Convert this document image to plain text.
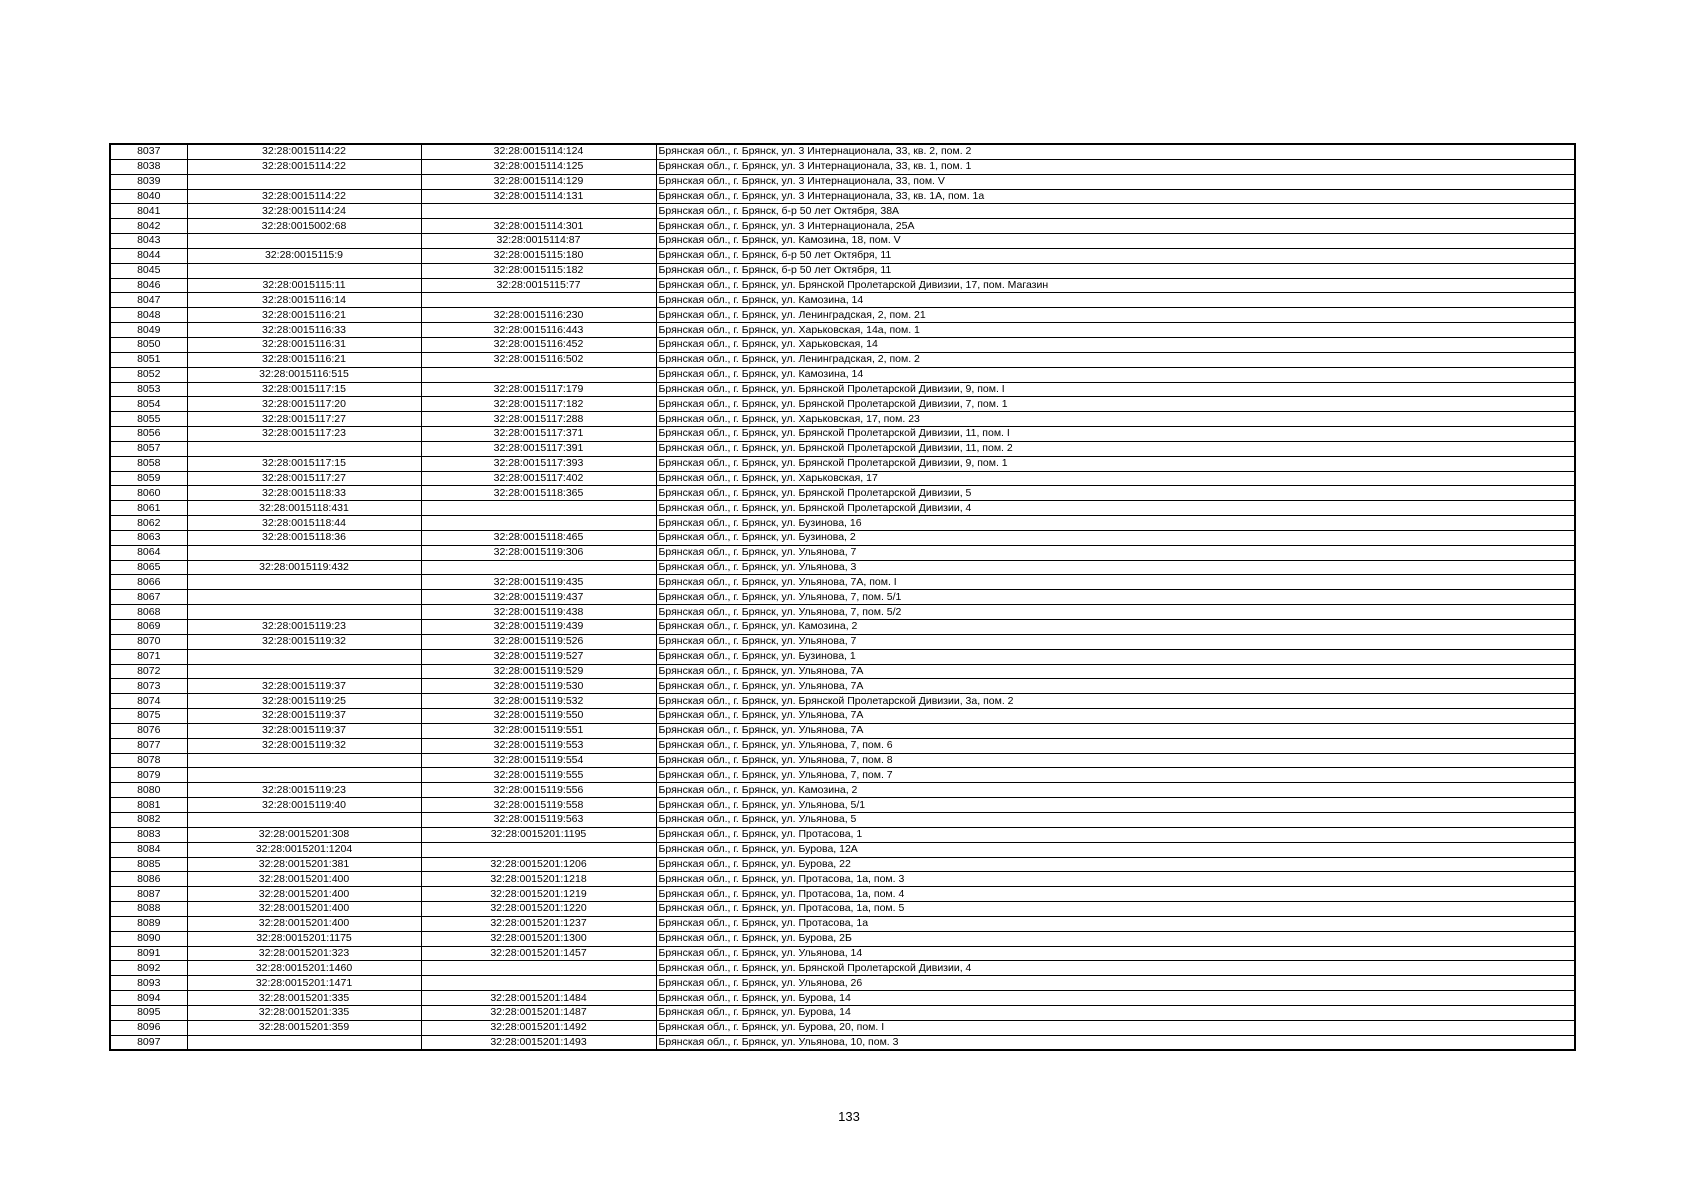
8037	32:28:0015114:22	32:28:0015114:124	Брянская обл., г. Брянск, ул. 3 Интернационала, 33, кв. 2, пом. 2
8038	32:28:0015114:22	32:28:0015114:125	Брянская обл., г. Брянск, ул. 3 Интернационала, 33, кв. 1, пом. 1
8039		32:28:0015114:129	Брянская обл., г. Брянск, ул. 3 Интернационала, 33, пом. V
8040	32:28:0015114:22	32:28:0015114:131	Брянская обл., г. Брянск, ул. 3 Интернационала, 33, кв. 1А, пом. 1а
8041	32:28:0015114:24		Брянская обл., г. Брянск, б-р 50 лет Октября, 38А
8042	32:28:0015002:68	32:28:0015114:301	Брянская обл., г. Брянск, ул. 3 Интернационала, 25А
8043		32:28:0015114:87	Брянская обл., г. Брянск, ул. Камозина, 18, пом. V
8044	32:28:0015115:9	32:28:0015115:180	Брянская обл., г. Брянск, б-р 50 лет Октября, 11
8045		32:28:0015115:182	Брянская обл., г. Брянск, б-р 50 лет Октября, 11
8046	32:28:0015115:11	32:28:0015115:77	Брянская обл., г. Брянск, ул. Брянской Пролетарской Дивизии, 17, пом. Магазин
8047	32:28:0015116:14		Брянская обл., г. Брянск, ул. Камозина, 14
8048	32:28:0015116:21	32:28:0015116:230	Брянская обл., г. Брянск, ул. Ленинградская, 2, пом. 21
8049	32:28:0015116:33	32:28:0015116:443	Брянская обл., г. Брянск, ул. Харьковская, 14а, пом. 1
8050	32:28:0015116:31	32:28:0015116:452	Брянская обл., г. Брянск, ул. Харьковская, 14
8051	32:28:0015116:21	32:28:0015116:502	Брянская обл., г. Брянск, ул. Ленинградская, 2, пом. 2
8052	32:28:0015116:515		Брянская обл., г. Брянск, ул. Камозина, 14
8053	32:28:0015117:15	32:28:0015117:179	Брянская обл., г. Брянск, ул. Брянской Пролетарской Дивизии, 9, пом. I
8054	32:28:0015117:20	32:28:0015117:182	Брянская обл., г. Брянск, ул. Брянской Пролетарской Дивизии, 7, пом. 1
8055	32:28:0015117:27	32:28:0015117:288	Брянская обл., г. Брянск, ул. Харьковская, 17, пом. 23
8056	32:28:0015117:23	32:28:0015117:371	Брянская обл., г. Брянск, ул. Брянской Пролетарской Дивизии, 11, пом. I
8057		32:28:0015117:391	Брянская обл., г. Брянск, ул. Брянской Пролетарской Дивизии, 11, пом. 2
8058	32:28:0015117:15	32:28:0015117:393	Брянская обл., г. Брянск, ул. Брянской Пролетарской Дивизии, 9, пом. 1
8059	32:28:0015117:27	32:28:0015117:402	Брянская обл., г. Брянск, ул. Харьковская, 17
8060	32:28:0015118:33	32:28:0015118:365	Брянская обл., г. Брянск, ул. Брянской Пролетарской Дивизии, 5
8061	32:28:0015118:431		Брянская обл., г. Брянск, ул. Брянской Пролетарской Дивизии, 4
8062	32:28:0015118:44		Брянская обл., г. Брянск, ул. Бузинова, 16
8063	32:28:0015118:36	32:28:0015118:465	Брянская обл., г. Брянск, ул. Бузинова, 2
8064		32:28:0015119:306	Брянская обл., г. Брянск, ул. Ульянова, 7
8065	32:28:0015119:432		Брянская обл., г. Брянск, ул. Ульянова, 3
8066		32:28:0015119:435	Брянская обл., г. Брянск, ул. Ульянова, 7А, пом. I
8067		32:28:0015119:437	Брянская обл., г. Брянск, ул. Ульянова, 7, пом. 5/1
8068		32:28:0015119:438	Брянская обл., г. Брянск, ул. Ульянова, 7, пом. 5/2
8069	32:28:0015119:23	32:28:0015119:439	Брянская обл., г. Брянск, ул. Камозина, 2
8070	32:28:0015119:32	32:28:0015119:526	Брянская обл., г. Брянск, ул. Ульянова, 7
8071		32:28:0015119:527	Брянская обл., г. Брянск, ул. Бузинова, 1
8072		32:28:0015119:529	Брянская обл., г. Брянск, ул. Ульянова, 7А
8073	32:28:0015119:37	32:28:0015119:530	Брянская обл., г. Брянск, ул. Ульянова, 7А
8074	32:28:0015119:25	32:28:0015119:532	Брянская обл., г. Брянск, ул. Брянской Пролетарской Дивизии, 3а, пом. 2
8075	32:28:0015119:37	32:28:0015119:550	Брянская обл., г. Брянск, ул. Ульянова, 7А
8076	32:28:0015119:37	32:28:0015119:551	Брянская обл., г. Брянск, ул. Ульянова, 7А
8077	32:28:0015119:32	32:28:0015119:553	Брянская обл., г. Брянск, ул. Ульянова, 7, пом. 6
8078		32:28:0015119:554	Брянская обл., г. Брянск, ул. Ульянова, 7, пом. 8
8079		32:28:0015119:555	Брянская обл., г. Брянск, ул. Ульянова, 7, пом. 7
8080	32:28:0015119:23	32:28:0015119:556	Брянская обл., г. Брянск, ул. Камозина, 2
8081	32:28:0015119:40	32:28:0015119:558	Брянская обл., г. Брянск, ул. Ульянова, 5/1
8082		32:28:0015119:563	Брянская обл., г. Брянск, ул. Ульянова, 5
8083	32:28:0015201:308	32:28:0015201:1195	Брянская обл., г. Брянск, ул. Протасова, 1
8084	32:28:0015201:1204		Брянская обл., г. Брянск, ул. Бурова, 12А
8085	32:28:0015201:381	32:28:0015201:1206	Брянская обл., г. Брянск, ул. Бурова, 22
8086	32:28:0015201:400	32:28:0015201:1218	Брянская обл., г. Брянск, ул. Протасова, 1а, пом. 3
8087	32:28:0015201:400	32:28:0015201:1219	Брянская обл., г. Брянск, ул. Протасова, 1а, пом. 4
8088	32:28:0015201:400	32:28:0015201:1220	Брянская обл., г. Брянск, ул. Протасова, 1а, пом. 5
8089	32:28:0015201:400	32:28:0015201:1237	Брянская обл., г. Брянск, ул. Протасова, 1а
8090	32:28:0015201:1175	32:28:0015201:1300	Брянская обл., г. Брянск, ул. Бурова, 2Б
8091	32:28:0015201:323	32:28:0015201:1457	Брянская обл., г. Брянск, ул. Ульянова, 14
8092	32:28:0015201:1460		Брянская обл., г. Брянск, ул. Брянской Пролетарской Дивизии, 4
8093	32:28:0015201:1471		Брянская обл., г. Брянск, ул. Ульянова, 26
8094	32:28:0015201:335	32:28:0015201:1484	Брянская обл., г. Брянск, ул. Бурова, 14
8095	32:28:0015201:335	32:28:0015201:1487	Брянская обл., г. Брянск, ул. Бурова, 14
8096	32:28:0015201:359	32:28:0015201:1492	Брянская обл., г. Брянск, ул. Бурова, 20, пом. I
8097		32:28:0015201:1493	Брянская обл., г. Брянск, ул. Ульянова, 10, пом. 3
133
